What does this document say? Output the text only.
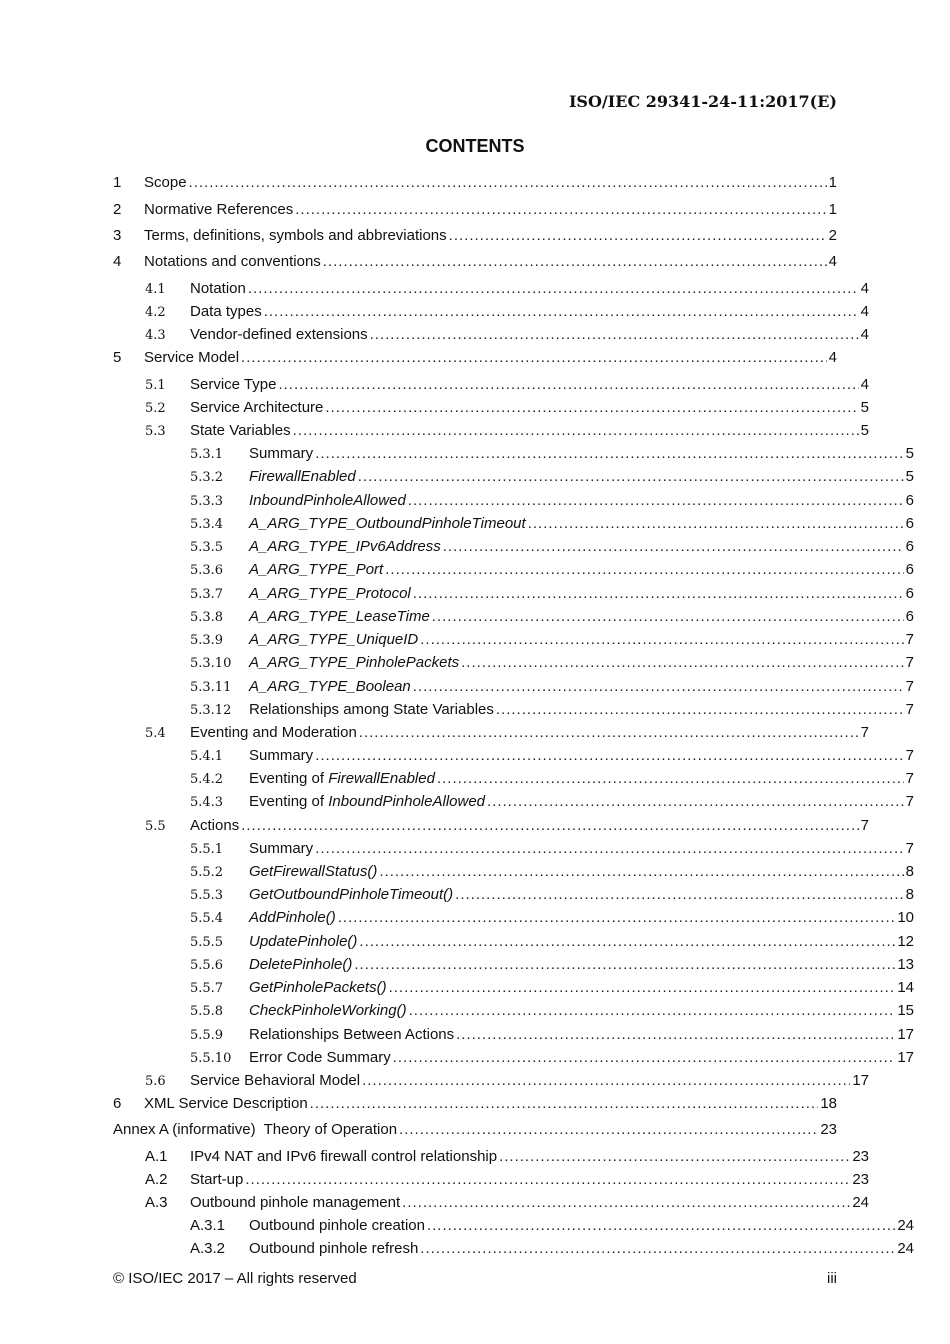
ISO/IEC 29341-24-11:2017(E)
CONTENTS
1	Scope .....	1
2	Normative References .....	1
3	Terms, definitions, symbols and abbreviations .....	2
4	Notations and conventions .....	4
4.1	Notation .....	4
4.2	Data types .....	4
4.3	Vendor-defined extensions .....	4
5	Service Model .....	4
5.1	Service Type .....	4
5.2	Service Architecture .....	5
5.3	State Variables .....	5
5.3.1	Summary .....	5
5.3.2	FirewallEnabled .....	5
5.3.3	InboundPinholeAllowed .....	6
5.3.4	A_ARG_TYPE_OutboundPinholeTimeout .....	6
5.3.5	A_ARG_TYPE_IPv6Address .....	6
5.3.6	A_ARG_TYPE_Port .....	6
5.3.7	A_ARG_TYPE_Protocol .....	6
5.3.8	A_ARG_TYPE_LeaseTime .....	6
5.3.9	A_ARG_TYPE_UniqueID .....	7
5.3.10	A_ARG_TYPE_PinholePackets .....	7
5.3.11	A_ARG_TYPE_Boolean .....	7
5.3.12	Relationships among State Variables .....	7
5.4	Eventing and Moderation .....	7
5.4.1	Summary .....	7
5.4.2	Eventing of FirewallEnabled .....	7
5.4.3	Eventing of InboundPinholeAllowed .....	7
5.5	Actions .....	7
5.5.1	Summary .....	7
5.5.2	GetFirewallStatus() .....	8
5.5.3	GetOutboundPinholeTimeout() .....	8
5.5.4	AddPinhole() .....	10
5.5.5	UpdatePinhole() .....	12
5.5.6	DeletePinhole() .....	13
5.5.7	GetPinholePackets() .....	14
5.5.8	CheckPinholeWorking() .....	15
5.5.9	Relationships Between Actions .....	17
5.5.10	Error Code Summary .....	17
5.6	Service Behavioral Model .....	17
6	XML Service Description .....	18
Annex A (informative)  Theory of Operation .....	23
A.1	IPv4 NAT and IPv6 firewall control relationship .....	23
A.2	Start-up .....	23
A.3	Outbound pinhole management .....	24
A.3.1	Outbound pinhole creation .....	24
A.3.2	Outbound pinhole refresh .....	24
© ISO/IEC 2017 – All rights reserved	iii
